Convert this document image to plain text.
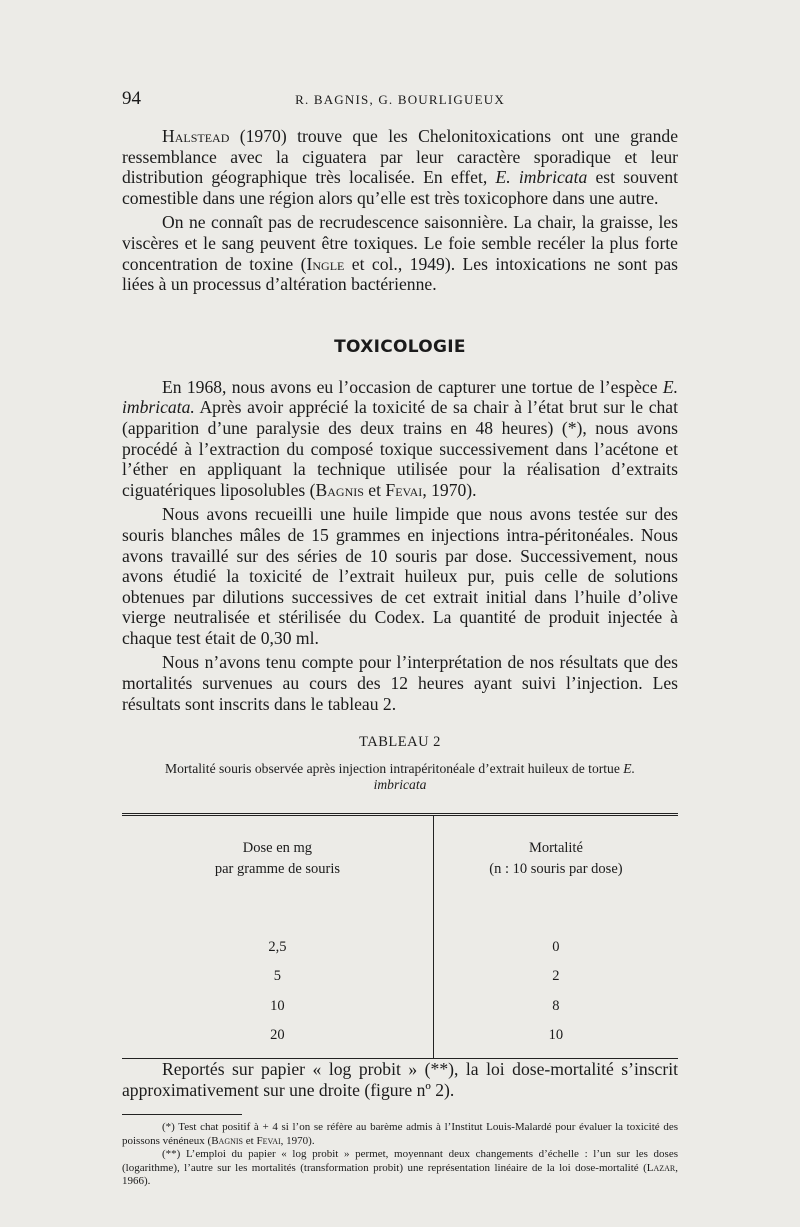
94	R. BAGNIS, G. BOURLIGUEUX

Halstead (1970) trouve que les Chelonitoxications ont une grande ressemblance avec la ciguatera par leur caractère sporadique et leur distribution géographique très localisée. En effet, E. imbricata est souvent comestible dans une région alors qu’elle est très toxicophore dans une autre.

On ne connaît pas de recrudescence saisonnière. La chair, la graisse, les viscères et le sang peuvent être toxiques. Le foie semble recéler la plus forte concentration de toxine (Ingle et col., 1949). Les intoxications ne sont pas liées à un processus d’altération bactérienne.

TOXICOLOGIE

En 1968, nous avons eu l’occasion de capturer une tortue de l’espèce E. imbricata. Après avoir apprécié la toxicité de sa chair à l’état brut sur le chat (apparition d’une paralysie des deux trains en 48 heures) (*), nous avons procédé à l’extraction du composé toxique successivement dans l’acétone et l’éther en appliquant la technique utilisée pour la réalisation d’extraits ciguatériques liposolubles (Bagnis et Fevai, 1970).

Nous avons recueilli une huile limpide que nous avons testée sur des souris blanches mâles de 15 grammes en injections intra-péritonéales. Nous avons travaillé sur des séries de 10 souris par dose. Successivement, nous avons étudié la toxicité de l’extrait huileux pur, puis celle de solutions obtenues par dilutions successives de cet extrait initial dans l’huile d’olive vierge neutralisée et stérilisée du Codex. La quantité de produit injectée à chaque test était de 0,30 ml.

Nous n’avons tenu compte pour l’interprétation de nos résultats que des mortalités survenues au cours des 12 heures ayant suivi l’injection. Les résultats sont inscrits dans le tableau 2.

TABLEAU 2
Mortalité souris observée après injection intrapéritonéale d’extrait huileux de tortue E. imbricata
Dose en mg
par gramme de souris	Mortalité
(n : 10 souris par dose)
2,5	0
5	2
10	8
20	10

Reportés sur papier « log probit » (**), la loi dose-mortalité s’inscrit approximativement sur une droite (figure nº 2).

(*) Test chat positif à + 4 si l’on se réfère au barème admis à l’Institut Louis-Malardé pour évaluer la toxicité des poissons vénéneux (Bagnis et Fevai, 1970).

(**) L’emploi du papier « log probit » permet, moyennant deux changements d’échelle : l’un sur les doses (logarithme), l’autre sur les mortalités (transformation probit) une représentation linéaire de la loi dose-mortalité (Lazar, 1966).
